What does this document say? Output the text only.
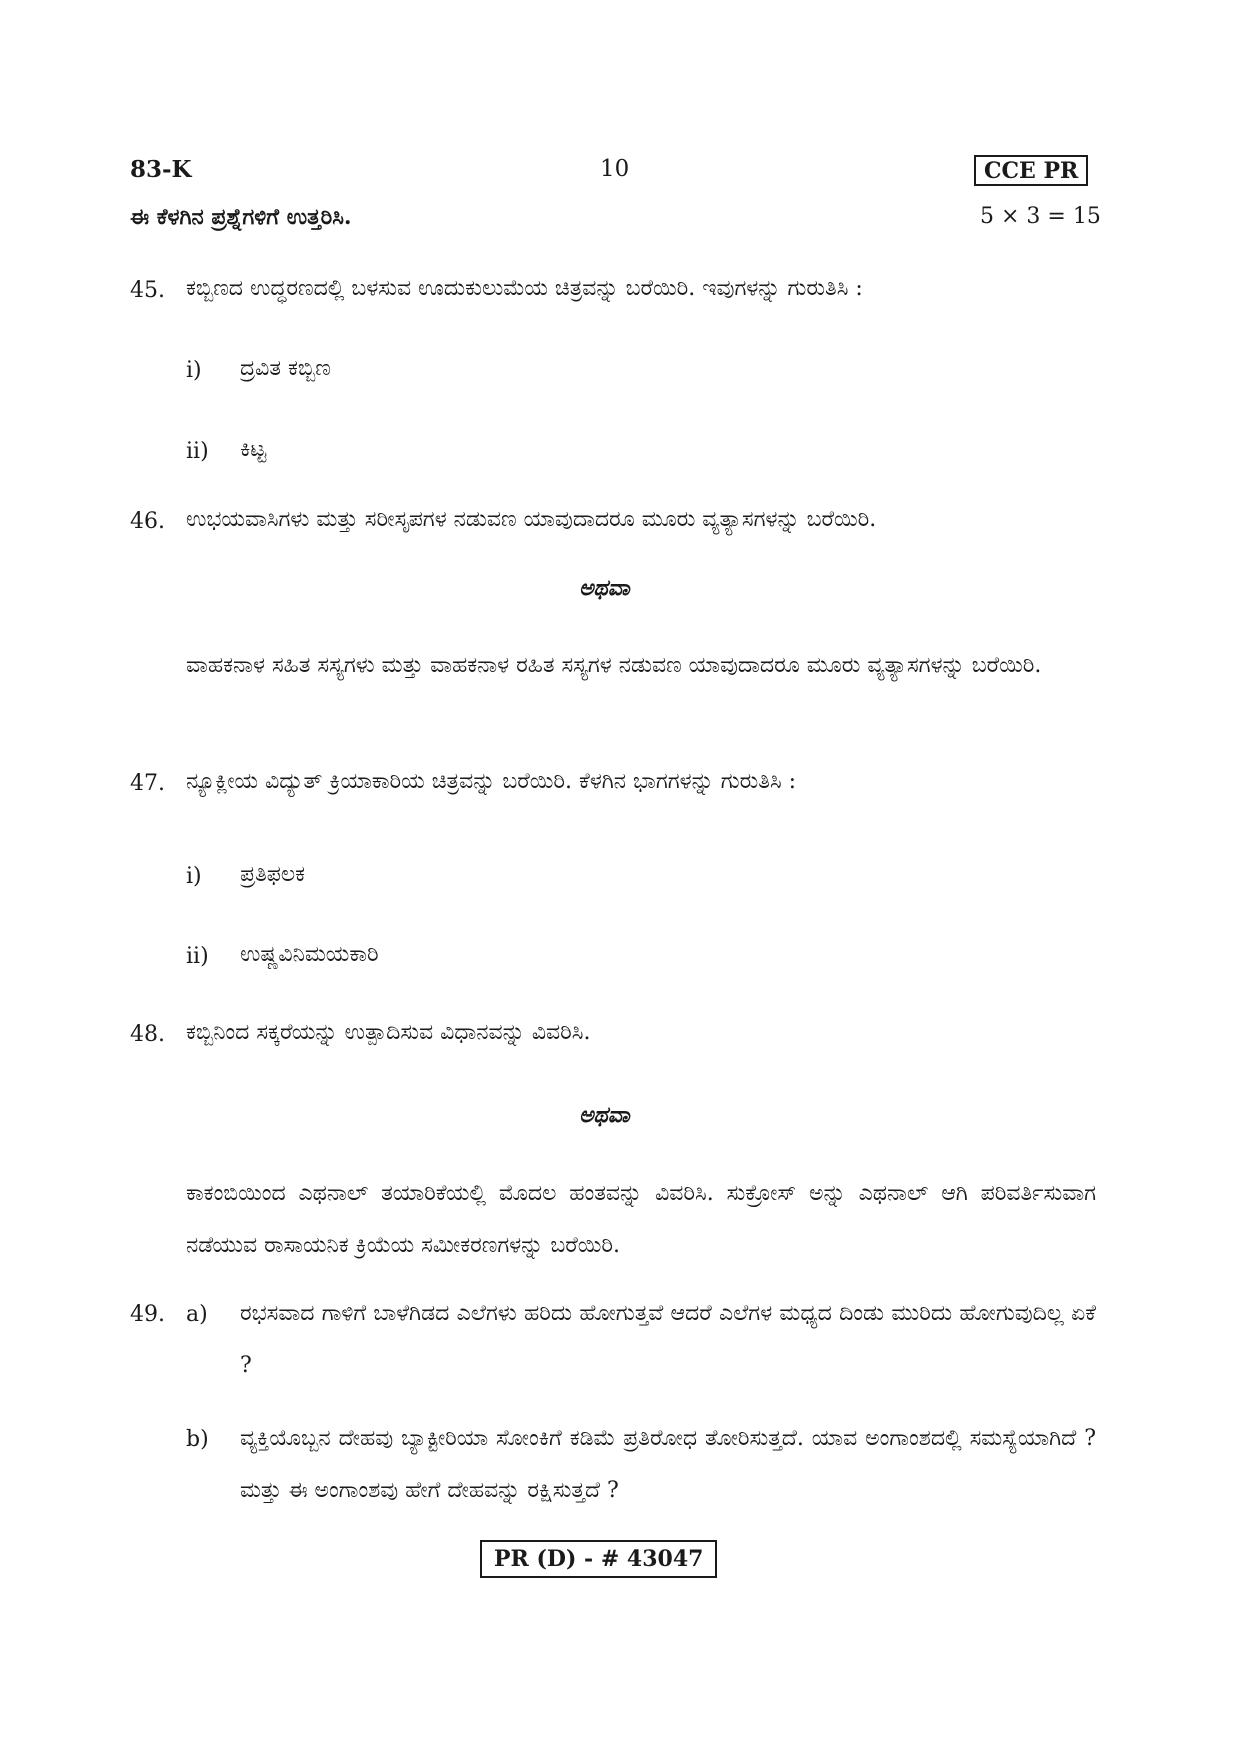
83-K	10	CCE PR
ಈ ಕೆಳಗಿನ ಪ್ರಶ್ನೆಗಳಿಗೆ ಉತ್ತರಿಸಿ.	5 × 3 = 15
45. ಕಬ್ಬಿಣದ ಉದ್ಧರಣದಲ್ಲಿ ಬಳಸುವ ಊದುಕುಲುಮೆಯ ಚಿತ್ರವನ್ನು ಬರೆಯಿರಿ. ಇವುಗಳನ್ನು ಗುರುತಿಸಿ :
i) ದ್ರವಿತ ಕಬ್ಬಿಣ
ii) ಕಿಟ್ಟ
46. ಉಭಯವಾಸಿಗಳು ಮತ್ತು ಸರೀಸೃಪಗಳ ನಡುವಣ ಯಾವುದಾದರೂ ಮೂರು ವ್ಯತ್ಯಾಸಗಳನ್ನು ಬರೆಯಿರಿ.
ಅಥವಾ
ವಾಹಕನಾಳ ಸಹಿತ ಸಸ್ಯಗಳು ಮತ್ತು ವಾಹಕನಾಳ ರಹಿತ ಸಸ್ಯಗಳ ನಡುವಣ ಯಾವುದಾದರೂ ಮೂರು ವ್ಯತ್ಯಾಸಗಳನ್ನು ಬರೆಯಿರಿ.
47. ನ್ಯೂಕ್ಲೀಯ ವಿದ್ಯುತ್ ಕ್ರಿಯಾಕಾರಿಯ ಚಿತ್ರವನ್ನು ಬರೆಯಿರಿ. ಕೆಳಗಿನ ಭಾಗಗಳನ್ನು ಗುರುತಿಸಿ :
i) ಪ್ರತಿಫಲಕ
ii) ಉಷ್ಣವಿನಿಮಯಕಾರಿ
48. ಕಬ್ಬಿನಿಂದ ಸಕ್ಕರೆಯನ್ನು ಉತ್ಪಾದಿಸುವ ವಿಧಾನವನ್ನು ವಿವರಿಸಿ.
ಅಥವಾ
ಕಾಕಂಬಿಯಿಂದ ಎಥನಾಲ್ ತಯಾರಿಕೆಯಲ್ಲಿ ಮೊದಲ ಹಂತವನ್ನು ವಿವರಿಸಿ. ಸುಕ್ರೋಸ್ ಅನ್ನು ಎಥನಾಲ್ ಆಗಿ ಪರಿವರ್ತಿಸುವಾಗ ನಡೆಯುವ ರಾಸಾಯನಿಕ ಕ್ರಿಯೆಯ ಸಮೀಕರಣಗಳನ್ನು ಬರೆಯಿರಿ.
49. a) ರಭಸವಾದ ಗಾಳಿಗೆ ಬಾಳೆಗಿಡದ ಎಲೆಗಳು ಹರಿದು ಹೋಗುತ್ತವೆ ಆದರೆ ಎಲೆಗಳ ಮಧ್ಯದ ದಿಂಡು ಮುರಿದು ಹೋಗುವುದಿಲ್ಲ ಏಕೆ ?
b) ವ್ಯಕ್ತಿಯೊಬ್ಬನ ದೇಹವು ಬ್ಯಾಕ್ಟೀರಿಯಾ ಸೋಂಕಿಗೆ ಕಡಿಮೆ ಪ್ರತಿರೋಧ ತೋರಿಸುತ್ತದೆ. ಯಾವ ಅಂಗಾಂಶದಲ್ಲಿ ಸಮಸ್ಯೆಯಾಗಿದೆ ? ಮತ್ತು ಈ ಅಂಗಾಂಶವು ಹೇಗೆ ದೇಹವನ್ನು ರಕ್ಷಿಸುತ್ತದೆ ?
PR (D) - # 43047
